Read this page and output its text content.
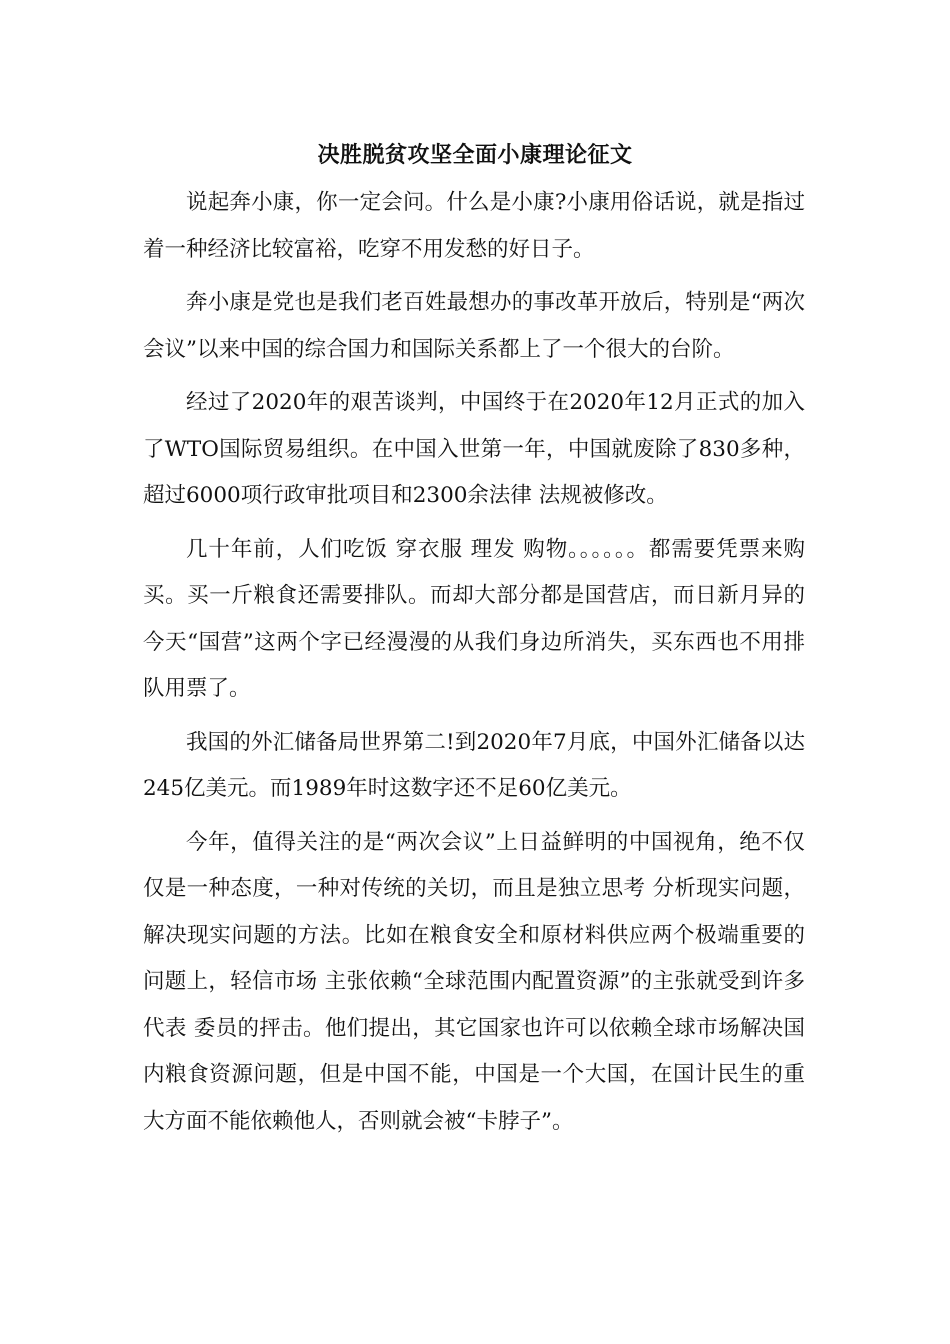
决胜脱贫攻坚全面小康理论征文

说起奔小康，你一定会问。什么是小康?小康用俗话说，就是指过着一种经济比较富裕，吃穿不用发愁的好日子。

奔小康是党也是我们老百姓最想办的事改革开放后，特别是“两次会议”以来中国的综合国力和国际关系都上了一个很大的台阶。

经过了2020年的艰苦谈判，中国终于在2020年12月正式的加入了WTO国际贸易组织。在中国入世第一年，中国就废除了830多种，超过6000项行政审批项目和2300余法律 法规被修改。

几十年前，人们吃饭 穿衣服 理发 购物。。。。。。都需要凭票来购买。买一斤粮食还需要排队。而却大部分都是国营店，而日新月异的今天“国营”这两个字已经漫漫的从我们身边所消失，买东西也不用排队用票了。

我国的外汇储备局世界第二!到2020年7月底，中国外汇储备以达245亿美元。而1989年时这数字还不足60亿美元。

今年，值得关注的是“两次会议”上日益鲜明的中国视角，绝不仅仅是一种态度，一种对传统的关切，而且是独立思考 分析现实问题，解决现实问题的方法。比如在粮食安全和原材料供应两个极端重要的问题上，轻信市场 主张依赖“全球范围内配置资源”的主张就受到许多代表 委员的抨击。他们提出，其它国家也许可以依赖全球市场解决国内粮食资源问题，但是中国不能，中国是一个大国，在国计民生的重大方面不能依赖他人，否则就会被“卡脖子”。
